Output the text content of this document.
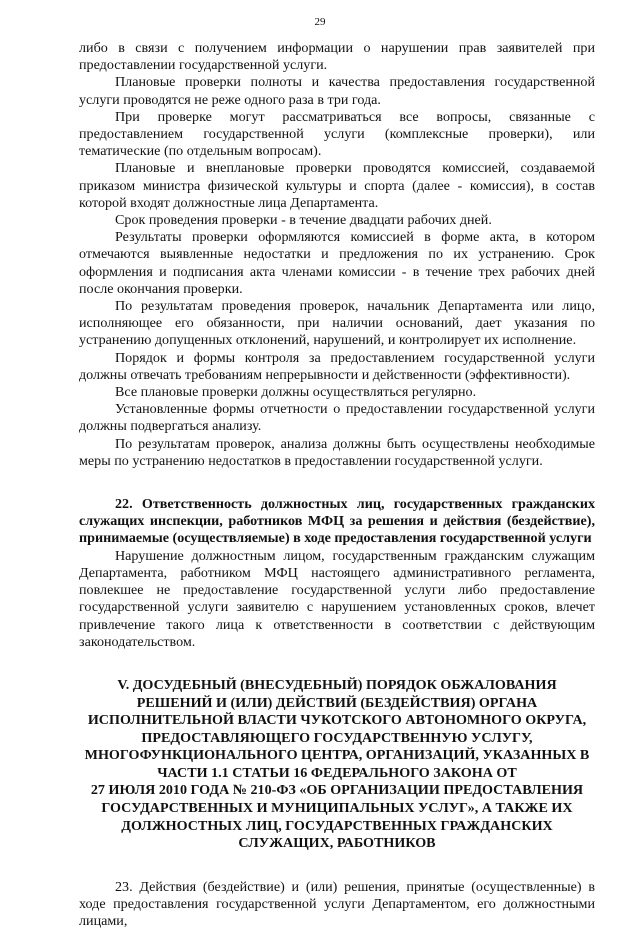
29

либо в связи с получением информации о нарушении прав заявителей при предоставлении государственной услуги.

Плановые проверки полноты и качества предоставления государственной услуги проводятся не реже одного раза в три года.

При проверке могут рассматриваться все вопросы, связанные с предоставлением государственной услуги (комплексные проверки), или тематические (по отдельным вопросам).

Плановые и внеплановые проверки проводятся комиссией, создаваемой приказом министра физической культуры и спорта (далее - комиссия), в состав которой входят должностные лица Департамента.

Срок проведения проверки - в течение двадцати рабочих дней.

Результаты проверки оформляются комиссией в форме акта, в котором отмечаются выявленные недостатки и предложения по их устранению. Срок оформления и подписания акта членами комиссии - в течение трех рабочих дней после окончания проверки.

По результатам проведения проверок, начальник Департамента или лицо, исполняющее его обязанности, при наличии оснований, дает указания по устранению допущенных отклонений, нарушений, и контролирует их исполнение.

Порядок и формы контроля за предоставлением государственной услуги должны отвечать требованиям непрерывности и действенности (эффективности).

Все плановые проверки должны осуществляться регулярно.

Установленные формы отчетности о предоставлении государственной услуги должны подвергаться анализу.

По результатам проверок, анализа должны быть осуществлены необходимые меры по устранению недостатков в предоставлении государственной услуги.

22. Ответственность должностных лиц, государственных гражданских служащих инспекции, работников МФЦ за решения и действия (бездействие), принимаемые (осуществляемые) в ходе предоставления государственной услуги

Нарушение должностным лицом, государственным гражданским служащим Департамента, работником МФЦ настоящего административного регламента, повлекшее не предоставление государственной услуги либо предоставление государственной услуги заявителю с нарушением установленных сроков, влечет привлечение такого лица к ответственности в соответствии с действующим законодательством.

V. ДОСУДЕБНЫЙ (ВНЕСУДЕБНЫЙ) ПОРЯДОК ОБЖАЛОВАНИЯ
РЕШЕНИЙ И (ИЛИ) ДЕЙСТВИЙ (БЕЗДЕЙСТВИЯ) ОРГАНА
ИСПОЛНИТЕЛЬНОЙ ВЛАСТИ ЧУКОТСКОГО АВТОНОМНОГО ОКРУГА,
ПРЕДОСТАВЛЯЮЩЕГО ГОСУДАРСТВЕННУЮ УСЛУГУ,
МНОГОФУНКЦИОНАЛЬНОГО ЦЕНТРА, ОРГАНИЗАЦИЙ, УКАЗАННЫХ В
ЧАСТИ 1.1 СТАТЬИ 16 ФЕДЕРАЛЬНОГО ЗАКОНА ОТ
27 ИЮЛЯ 2010 ГОДА № 210-ФЗ «ОБ ОРГАНИЗАЦИИ ПРЕДОСТАВЛЕНИЯ
ГОСУДАРСТВЕННЫХ И МУНИЦИПАЛЬНЫХ УСЛУГ», А ТАКЖЕ ИХ
ДОЛЖНОСТНЫХ ЛИЦ, ГОСУДАРСТВЕННЫХ ГРАЖДАНСКИХ
СЛУЖАЩИХ, РАБОТНИКОВ

23. Действия (бездействие) и (или) решения, принятые (осуществленные) в ходе предоставления государственной услуги Департаментом, его должностными лицами,
